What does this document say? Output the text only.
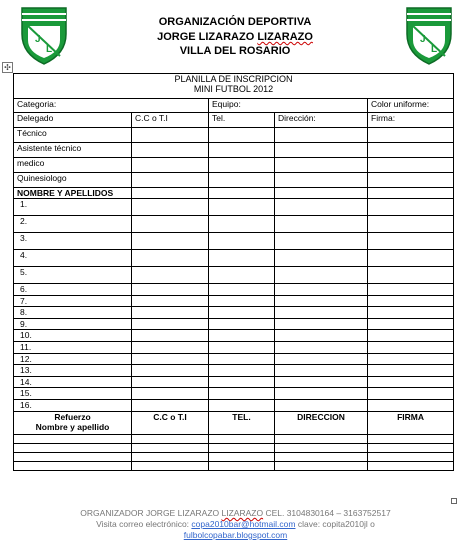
J
L
J
L
ORGANIZACIÓN DEPORTIVA
JORGE LIZARAZO LIZARAZO
VILLA DEL ROSARIO
✣
PLANILLA DE INSCRIPCION
MINI FUTBOL 2012				

Categoria:		Equipo:		Color uniforme:
Delegado	C.C o T.I	Tel.	Dirección:	Firma:
Técnico				
Asistente técnico				
medico				
Quinesiologo				
NOMBRE Y APELLIDOS				
1.				
2.				
3.				
4.				
5.				
6.				
7.				
8.				
9.				
10.				
11.				
12.				
13.				
14.				
15.				
16.				

Refuerzo
Nombre y apellido	C.C o T.I	TEL.	DIRECCION	FIRMA

ORGANIZADOR JORGE LIZARAZO LIZARAZO CEL. 3104830164 – 3163752517
Visita correo electrónico: copa2010bar@hotmail.com clave: copita2010jl o
fulbolcopabar.blogspot.com
